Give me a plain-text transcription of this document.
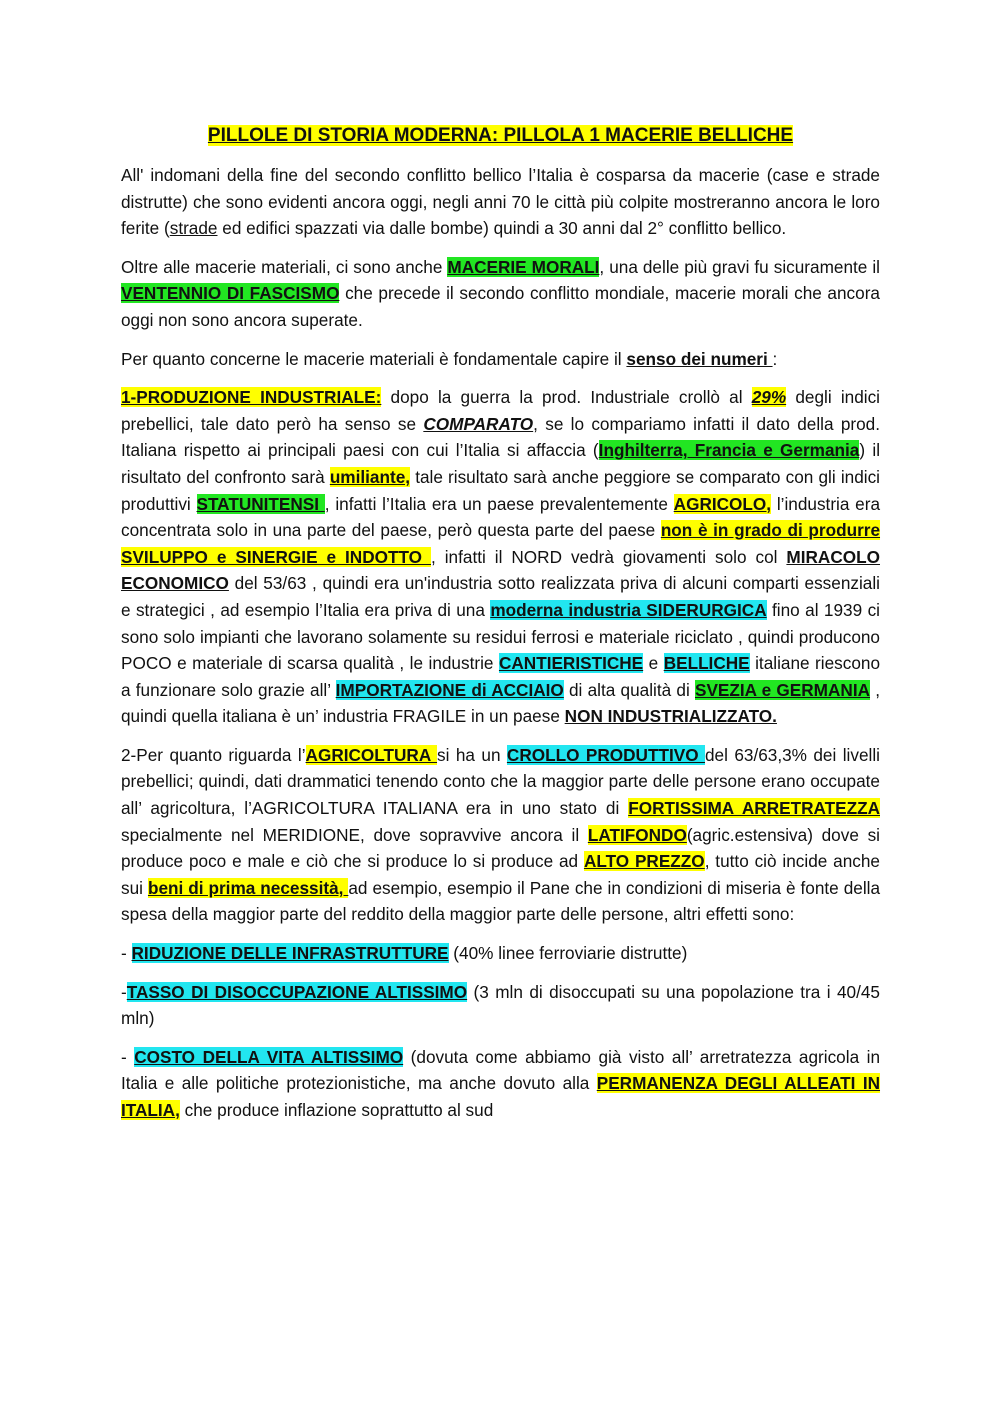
PILLOLE DI STORIA MODERNA: PILLOLA 1 MACERIE BELLICHE

All' indomani della fine del secondo conflitto bellico l’Italia è cosparsa da macerie (case e strade distrutte) che sono evidenti ancora oggi, negli anni 70 le città più colpite mostreranno ancora le loro ferite (strade ed edifici spazzati via dalle bombe) quindi a 30 anni dal 2° conflitto bellico.

Oltre alle macerie materiali, ci sono anche MACERIE MORALI, una delle più gravi fu sicuramente il VENTENNIO DI FASCISMO che precede il secondo conflitto mondiale, macerie morali che ancora oggi non sono ancora superate.

Per quanto concerne le macerie materiali è fondamentale capire il senso dei numeri :

1-PRODUZIONE INDUSTRIALE: dopo la guerra la prod. Industriale crollò al 29% degli indici prebellici, tale dato però ha senso se COMPARATO, se lo compariamo infatti il dato della prod. Italiana rispetto ai principali paesi con cui l’Italia si affaccia (Inghilterra, Francia e Germania) il risultato del confronto sarà umiliante, tale risultato sarà anche peggiore se comparato con gli indici produttivi STATUNITENSI , infatti l’Italia era un paese prevalentemente AGRICOLO, l’industria era concentrata solo in una parte del paese, però questa parte del paese non è in grado di produrre SVILUPPO e SINERGIE e INDOTTO , infatti il NORD vedrà giovamenti solo col MIRACOLO ECONOMICO del 53/63 , quindi era un'industria sotto realizzata priva di alcuni comparti essenziali e strategici , ad esempio l’Italia era priva di una moderna industria SIDERURGICA fino al 1939 ci sono solo impianti che lavorano solamente su residui ferrosi e materiale riciclato , quindi producono POCO e materiale di scarsa qualità , le industrie CANTIERISTICHE e BELLICHE italiane riescono a funzionare solo grazie all’ IMPORTAZIONE di ACCIAIO di alta qualità di SVEZIA e GERMANIA , quindi quella italiana è un’ industria FRAGILE in un paese NON INDUSTRIALIZZATO.

2-Per quanto riguarda l’AGRICOLTURA si ha un CROLLO PRODUTTIVO del 63/63,3% dei livelli prebellici; quindi, dati drammatici tenendo conto che la maggior parte delle persone erano occupate all’ agricoltura, l’AGRICOLTURA ITALIANA era in uno stato di FORTISSIMA ARRETRATEZZA specialmente nel MERIDIONE, dove sopravvive ancora il LATIFONDO(agric.estensiva) dove si produce poco e male e ciò che si produce lo si produce ad ALTO PREZZO, tutto ciò incide anche sui beni di prima necessità, ad esempio, esempio il Pane che in condizioni di miseria è fonte della spesa della maggior parte del reddito della maggior parte delle persone, altri effetti sono:

- RIDUZIONE DELLE INFRASTRUTTURE (40% linee ferroviarie distrutte)

-TASSO DI DISOCCUPAZIONE ALTISSIMO (3 mln di disoccupati su una popolazione tra i 40/45 mln)

- COSTO DELLA VITA ALTISSIMO (dovuta come abbiamo già visto all’ arretratezza agricola in Italia e alle politiche protezionistiche, ma anche dovuto alla PERMANENZA DEGLI ALLEATI IN ITALIA, che produce inflazione soprattutto al sud
